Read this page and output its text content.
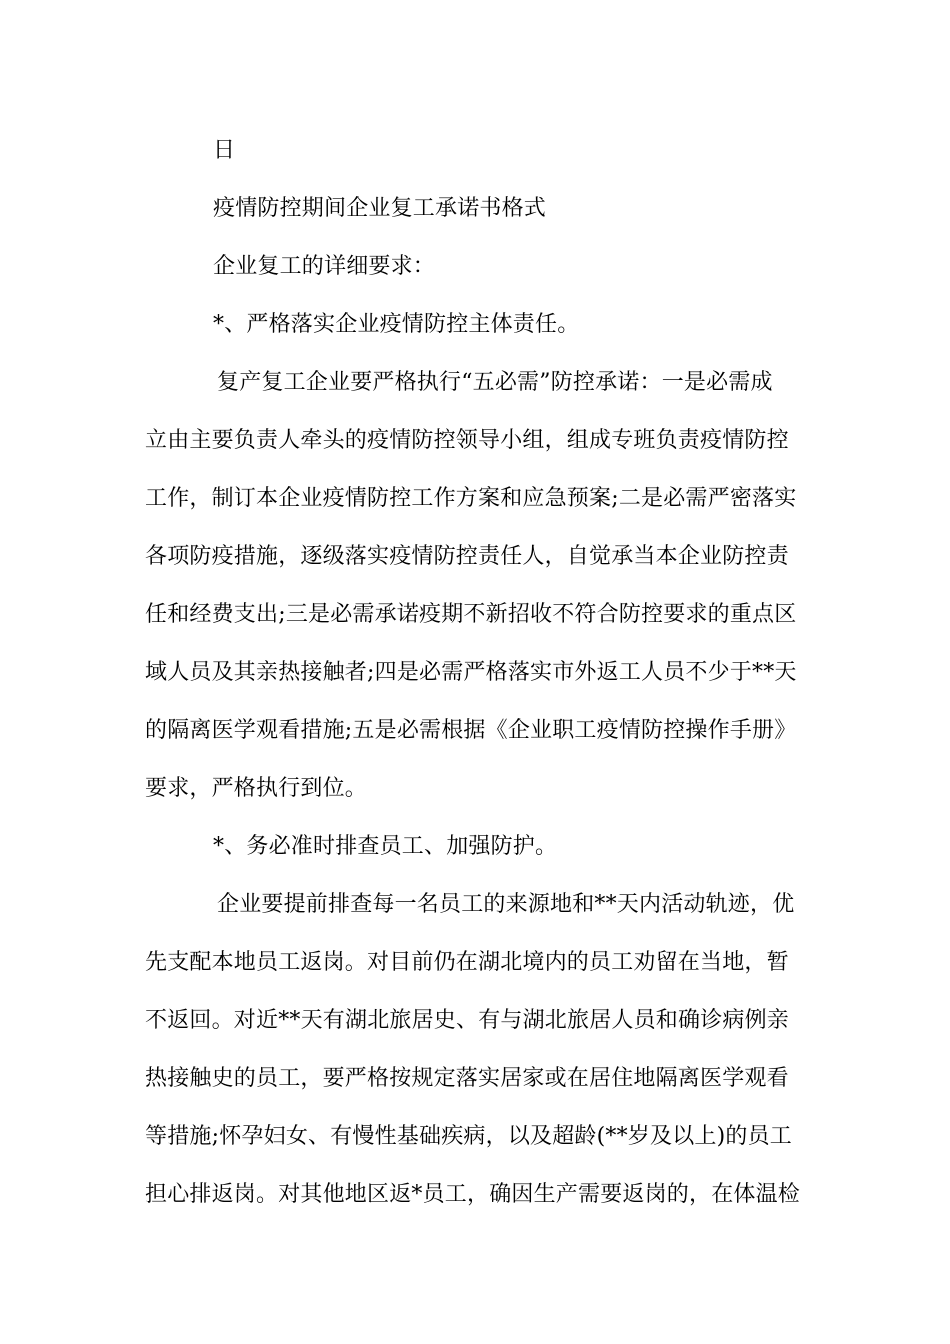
日
疫情防控期间企业复工承诺书格式
企业复工的详细要求：
*、严格落实企业疫情防控主体责任。
复产复工企业要严格执行“五必需”防控承诺：一是必需成
立由主要负责人牵头的疫情防控领导小组，组成专班负责疫情防控
工作，制订本企业疫情防控工作方案和应急预案;二是必需严密落实
各项防疫措施，逐级落实疫情防控责任人，自觉承当本企业防控责
任和经费支出;三是必需承诺疫期不新招收不符合防控要求的重点区
域人员及其亲热接触者;四是必需严格落实市外返工人员不少于**天
的隔离医学观看措施;五是必需根据《企业职工疫情防控操作手册》
要求，严格执行到位。
*、务必准时排查员工、加强防护。
企业要提前排查每一名员工的来源地和**天内活动轨迹，优
先支配本地员工返岗。对目前仍在湖北境内的员工劝留在当地，暂
不返回。对近**天有湖北旅居史、有与湖北旅居人员和确诊病例亲
热接触史的员工，要严格按规定落实居家或在居住地隔离医学观看
等措施;怀孕妇女、有慢性基础疾病，以及超龄(**岁及以上)的员工
担心排返岗。对其他地区返*员工，确因生产需要返岗的，在体温检
